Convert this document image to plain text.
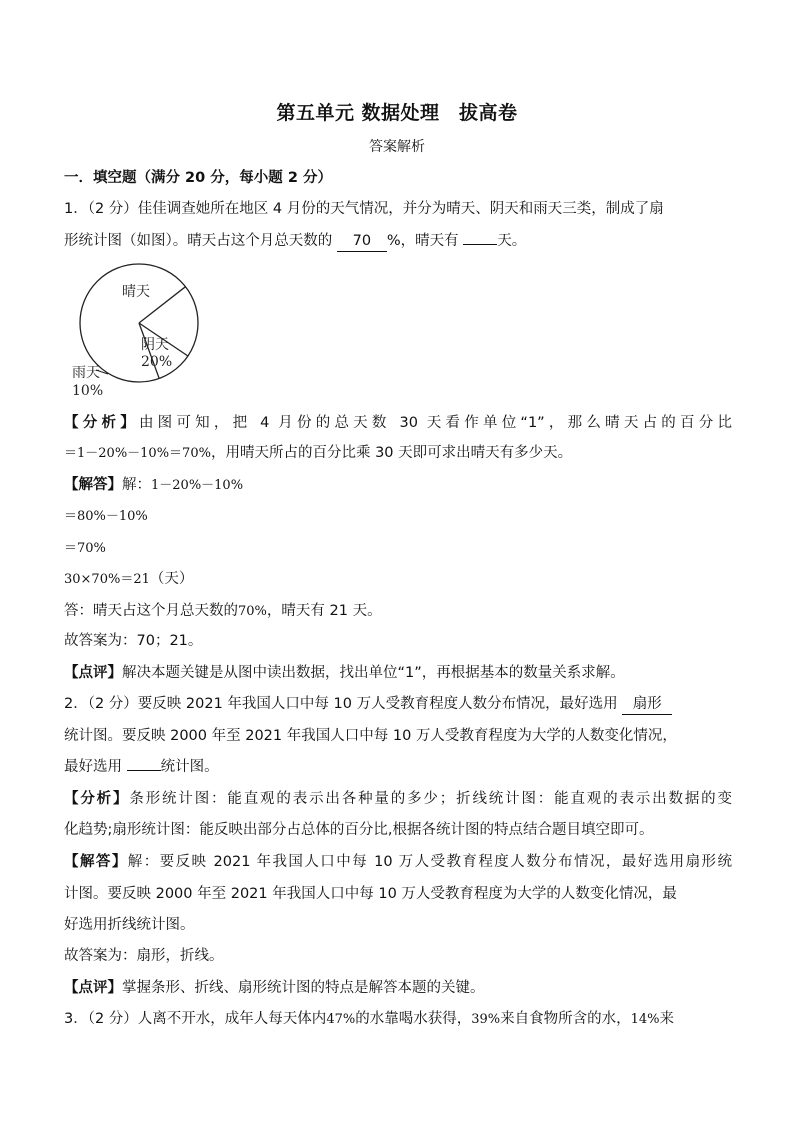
第五单元 数据处理　拔高卷
答案解析
一．填空题（满分 20 分，每小题 2 分）
1．（2 分）佳佳调查她所在地区 4 月份的天气情况，并分为晴天、阴天和雨天三类，制成了扇
形统计图（如图）。晴天占这个月总天数的 70 %，晴天有	天。
晴天
阴天
20%
雨天
10%
【分析】由图可知，把 4 月份的总天数 30 天看作单位“1”，那么晴天占的百分比
＝1－20%－10%＝70%，用晴天所占的百分比乘 30 天即可求出晴天有多少天。
【解答】解：1－20%－10%
＝80%－10%
＝70%
30×70%＝21（天）
答：晴天占这个月总天数的70%，晴天有 21 天。
故答案为：70；21。
【点评】解决本题关键是从图中读出数据，找出单位“1”，再根据基本的数量关系求解。
2．（2 分）要反映 2021 年我国人口中每 10 万人受教育程度人数分布情况，最好选用 扇形
统计图。要反映 2000 年至 2021 年我国人口中每 10 万人受教育程度为大学的人数变化情况，
最好选用	统计图。
【分析】条形统计图：能直观的表示出各种量的多少；折线统计图：能直观的表示出数据的变
化趋势;扇形统计图：能反映出部分占总体的百分比,根据各统计图的特点结合题目填空即可。
【解答】解：要反映 2021 年我国人口中每 10 万人受教育程度人数分布情况，最好选用扇形统
计图。要反映 2000 年至 2021 年我国人口中每 10 万人受教育程度为大学的人数变化情况，最
好选用折线统计图。
故答案为：扇形，折线。
【点评】掌握条形、折线、扇形统计图的特点是解答本题的关键。
3．（2 分）人离不开水，成年人每天体内47%的水靠喝水获得，39%来自食物所含的水，14%来
